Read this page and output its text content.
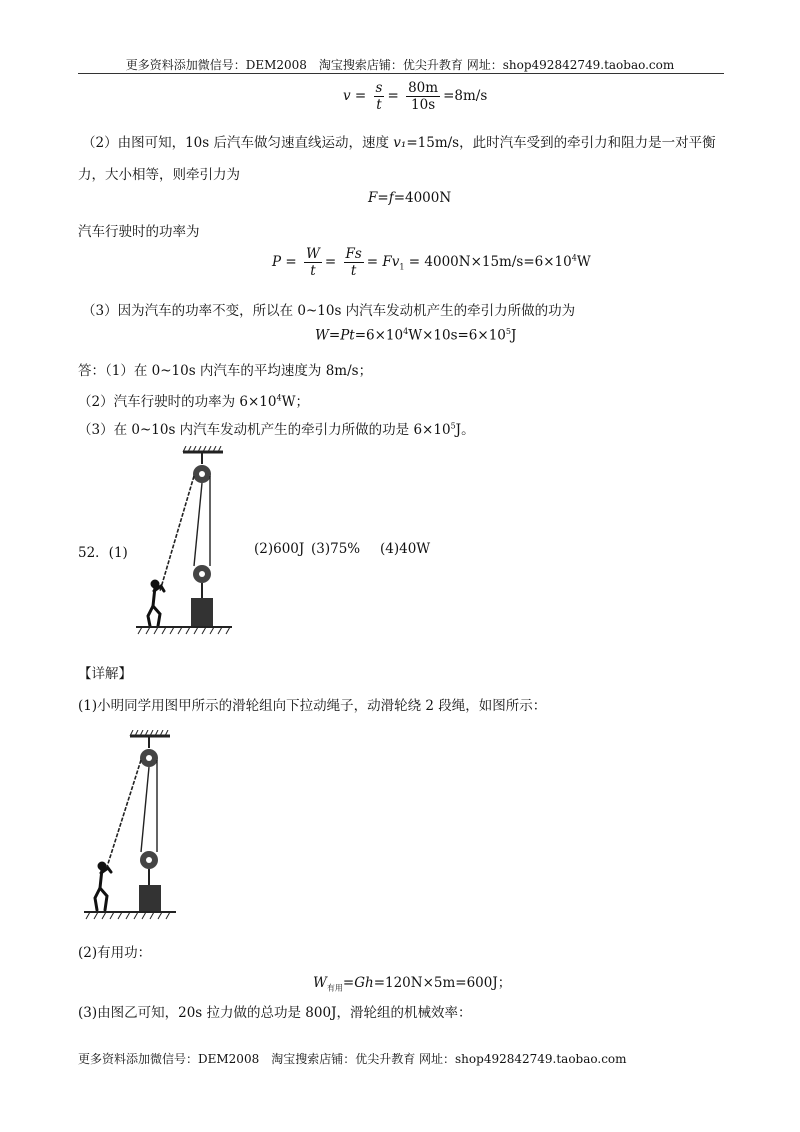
更多资料添加微信号：DEM2008　淘宝搜索店铺：优尖升教育 网址：shop492842749.taobao.com
$v = \frac{s}{t} = \frac{80m}{10s} =8m/s$
（2）由图可知，10s 后汽车做匀速直线运动，速度 v₁=15m/s，此时汽车受到的牵引力和阻力是一对平衡
力，大小相等，则牵引力为
F=f=4000N
汽车行驶时的功率为
$P = \frac{W}{t} = \frac{Fs}{t} = Fv_1 = 4000N\times 15m/s=6\times 10^4W$
（3）因为汽车的功率不变，所以在 0~10s 内汽车发动机产生的牵引力所做的功为
$W=Pt=6\times 10^4W\times 10s=6\times 10^5J$
答：（1）在 0~10s 内汽车的平均速度为 8m/s；
（2）汽车行驶时的功率为 $6\times 10^4W$；
（3）在 0~10s 内汽车发动机产生的牵引力所做的功是 $6\times 10^5J$。
52．(1)	(2)600J (3)75% (4)40W
【详解】
(1)小明同学用图甲所示的滑轮组向下拉动绳子，动滑轮绕 2 段绳，如图所示：
(2)有用功：
$W_{有用}=Gh=120N\times 5m=600J$；
(3)由图乙可知，20s 拉力做的总功是 800J，滑轮组的机械效率：
更多资料添加微信号：DEM2008　淘宝搜索店铺：优尖升教育 网址：shop492842749.taobao.com
